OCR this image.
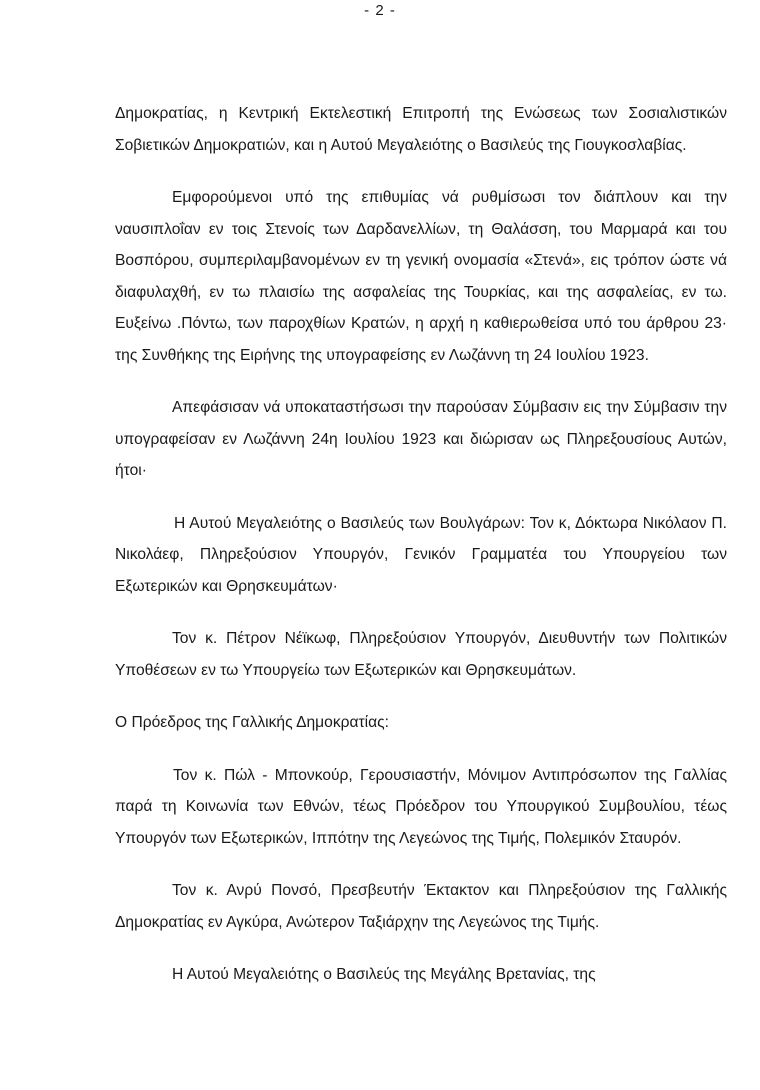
- 2 -

Δημοκρατίας, η Κεντρική Εκτελεστική Επιτροπή της Ενώσεως των Σοσιαλιστικών Σοβιετικών Δημοκρατιών, και η Αυτού Μεγαλειότης ο Βασιλεύς της Γιουγκοσλαβίας.

Εμφορούμενοι υπό της επιθυμίας νά ρυθμίσωσι τον διάπλουν και την ναυσιπλοΐαν εν τοις Στενοίς των Δαρδανελλίων, τη Θαλάσση, του Μαρμαρά και του Βοσπόρου, συμπεριλαμβανομένων εν τη γενική ονομασία «Στενά», εις τρόπον ώστε νά διαφυλαχθή, εν τω πλαισίω της ασφαλείας της Τουρκίας, και της ασφαλείας, εν τω. Ευξείνω .Πόντω, των παροχθίων Κρατών, η αρχή η καθιερωθείσα υπό του άρθρου 23· της Συνθήκης της Ειρήνης της υπογραφείσης εν Λωζάννη τη 24 Ιουλίου 1923.

Απεφάσισαν νά υποκαταστήσωσι την παρούσαν Σύμβασιν εις την Σύμβασιν την υπογραφείσαν εν Λωζάννη 24η Ιουλίου 1923 και διώρισαν ως Πληρεξουσίους Αυτών, ήτοι·

Η Αυτού Μεγαλειότης ο Βασιλεύς των Βουλγάρων: Τον κ, Δόκτωρα Νικόλαον Π. Νικολάεφ, Πληρεξούσιον Υπουργόν, Γενικόν Γραμματέα του Υπουργείου των Εξωτερικών και Θρησκευμάτων·

Τον κ. Πέτρον Νέϊκωφ, Πληρεξούσιον Υπουργόν, Διευθυντήν των Πολιτικών Υποθέσεων εν τω Υπουργείω των Εξωτερικών και Θρησκευμάτων.

Ο Πρόεδρος της Γαλλικής Δημοκρατίας:

Τον κ. Πώλ - Μπονκούρ, Γερουσιαστήν, Μόνιμον Αντιπρόσωπον της Γαλλίας παρά τη Κοινωνία των Εθνών, τέως Πρόεδρον του Υπουργικού Συμβουλίου, τέως Υπουργόν των Εξωτερικών, Ιππότην της Λεγεώνος της Τιμής, Πολεμικόν Σταυρόν.

Τον κ. Ανρύ Πονσό, Πρεσβευτήν Έκτακτον και Πληρεξούσιον της Γαλλικής Δημοκρατίας εν Αγκύρα, Ανώτερον Ταξιάρχην της Λεγεώνος της Τιμής.

Η Αυτού Μεγαλειότης ο Βασιλεύς της Μεγάλης Βρετανίας, της
